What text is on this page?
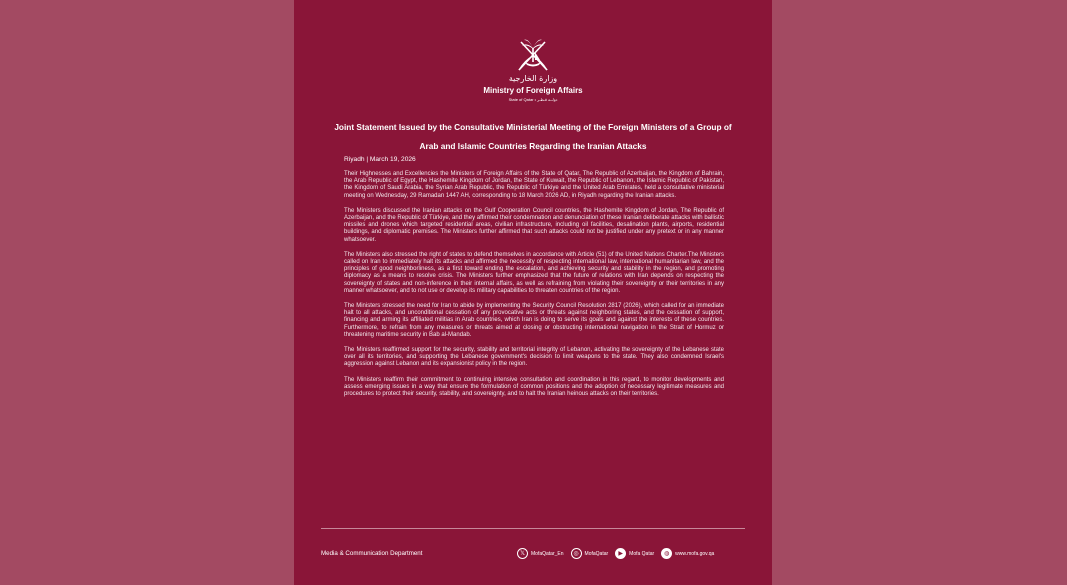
وزارة الخارجية
Ministry of Foreign Affairs
State of Qatar • دولــة قـطـر
Joint Statement Issued by the Consultative Ministerial Meeting of the Foreign Ministers of a Group of Arab and Islamic Countries Regarding the Iranian Attacks
Riyadh | March 19, 2026

Their Highnesses and Excellencies the Ministers of Foreign Affairs of the State of Qatar, The Republic of Azerbaijan, the Kingdom of Bahrain, the Arab Republic of Egypt, the Hashemite Kingdom of Jordan, the State of Kuwait, the Republic of Lebanon, the Islamic Republic of Pakistan, the Kingdom of Saudi Arabia, the Syrian Arab Republic, the Republic of Türkiye and the United Arab Emirates, held a consultative ministerial meeting on Wednesday, 29 Ramadan 1447 AH, corresponding to 18 March 2026 AD, in Riyadh regarding the Iranian attacks.

The Ministers discussed the Iranian attacks on the Gulf Cooperation Council countries, the Hashemite Kingdom of Jordan, The Republic of Azerbaijan, and the Republic of Türkiye, and they affirmed their condemnation and denunciation of these Iranian deliberate attacks with ballistic missiles and drones which targeted residential areas, civilian infrastructure, including oil facilities, desalination plants, airports, residential buildings, and diplomatic premises. The Ministers further affirmed that such attacks could not be justified under any pretext or in any manner whatsoever.

The Ministers also stressed the right of states to defend themselves in accordance with Article (51) of the United Nations Charter.The Ministers called on Iran to immediately halt its attacks and affirmed the necessity of respecting international law, international humanitarian law, and the principles of good neighborliness, as a first toward ending the escalation, and achieving security and stability in the region, and promoting diplomacy as a means to resolve crisis. The Ministers further emphasized that the future of relations with Iran depends on respecting the sovereignty of states and non-inference in their internal affairs, as well as refraining from violating their sovereignty or their territories in any manner whatsoever, and to not use or develop its military capabilities to threaten countries of the region.

The Ministers stressed the need for Iran to abide by implementing the Security Council Resolution 2817 (2026), which called for an immediate halt to all attacks, and unconditional cessation of any provocative acts or threats against neighboring states, and the cessation of support, financing and arming its affiliated militias in Arab countries, which Iran is doing to serve its goals and against the interests of these countries. Furthermore, to refrain from any measures or threats aimed at closing or obstructing international navigation in the Strait of Hormuz or threatening maritime security in Bab al-Mandab.

The Ministers reaffirmed support for the security, stability and territorial integrity of Lebanon, activating the sovereignty of the Lebanese state over all its territories, and supporting the Lebanese government's decision to limit weapons to the state. They also condemned Israel's aggression against Lebanon and its expansionist policy in the region.

The Ministers reaffirm their commitment to continuing intensive consultation and coordination in this regard, to monitor developments and assess emerging issues in a way that ensure the formulation of common positions and the adoption of necessary legitimate measures and procedures to protect their security, stability, and sovereignty, and to halt the Iranian heinous attacks on their territories.

Media & Communication Department	𝕏	MofaQatar_En	◎	MofaQatar	▶	Mofa Qatar	◍	www.mofa.gov.qa
